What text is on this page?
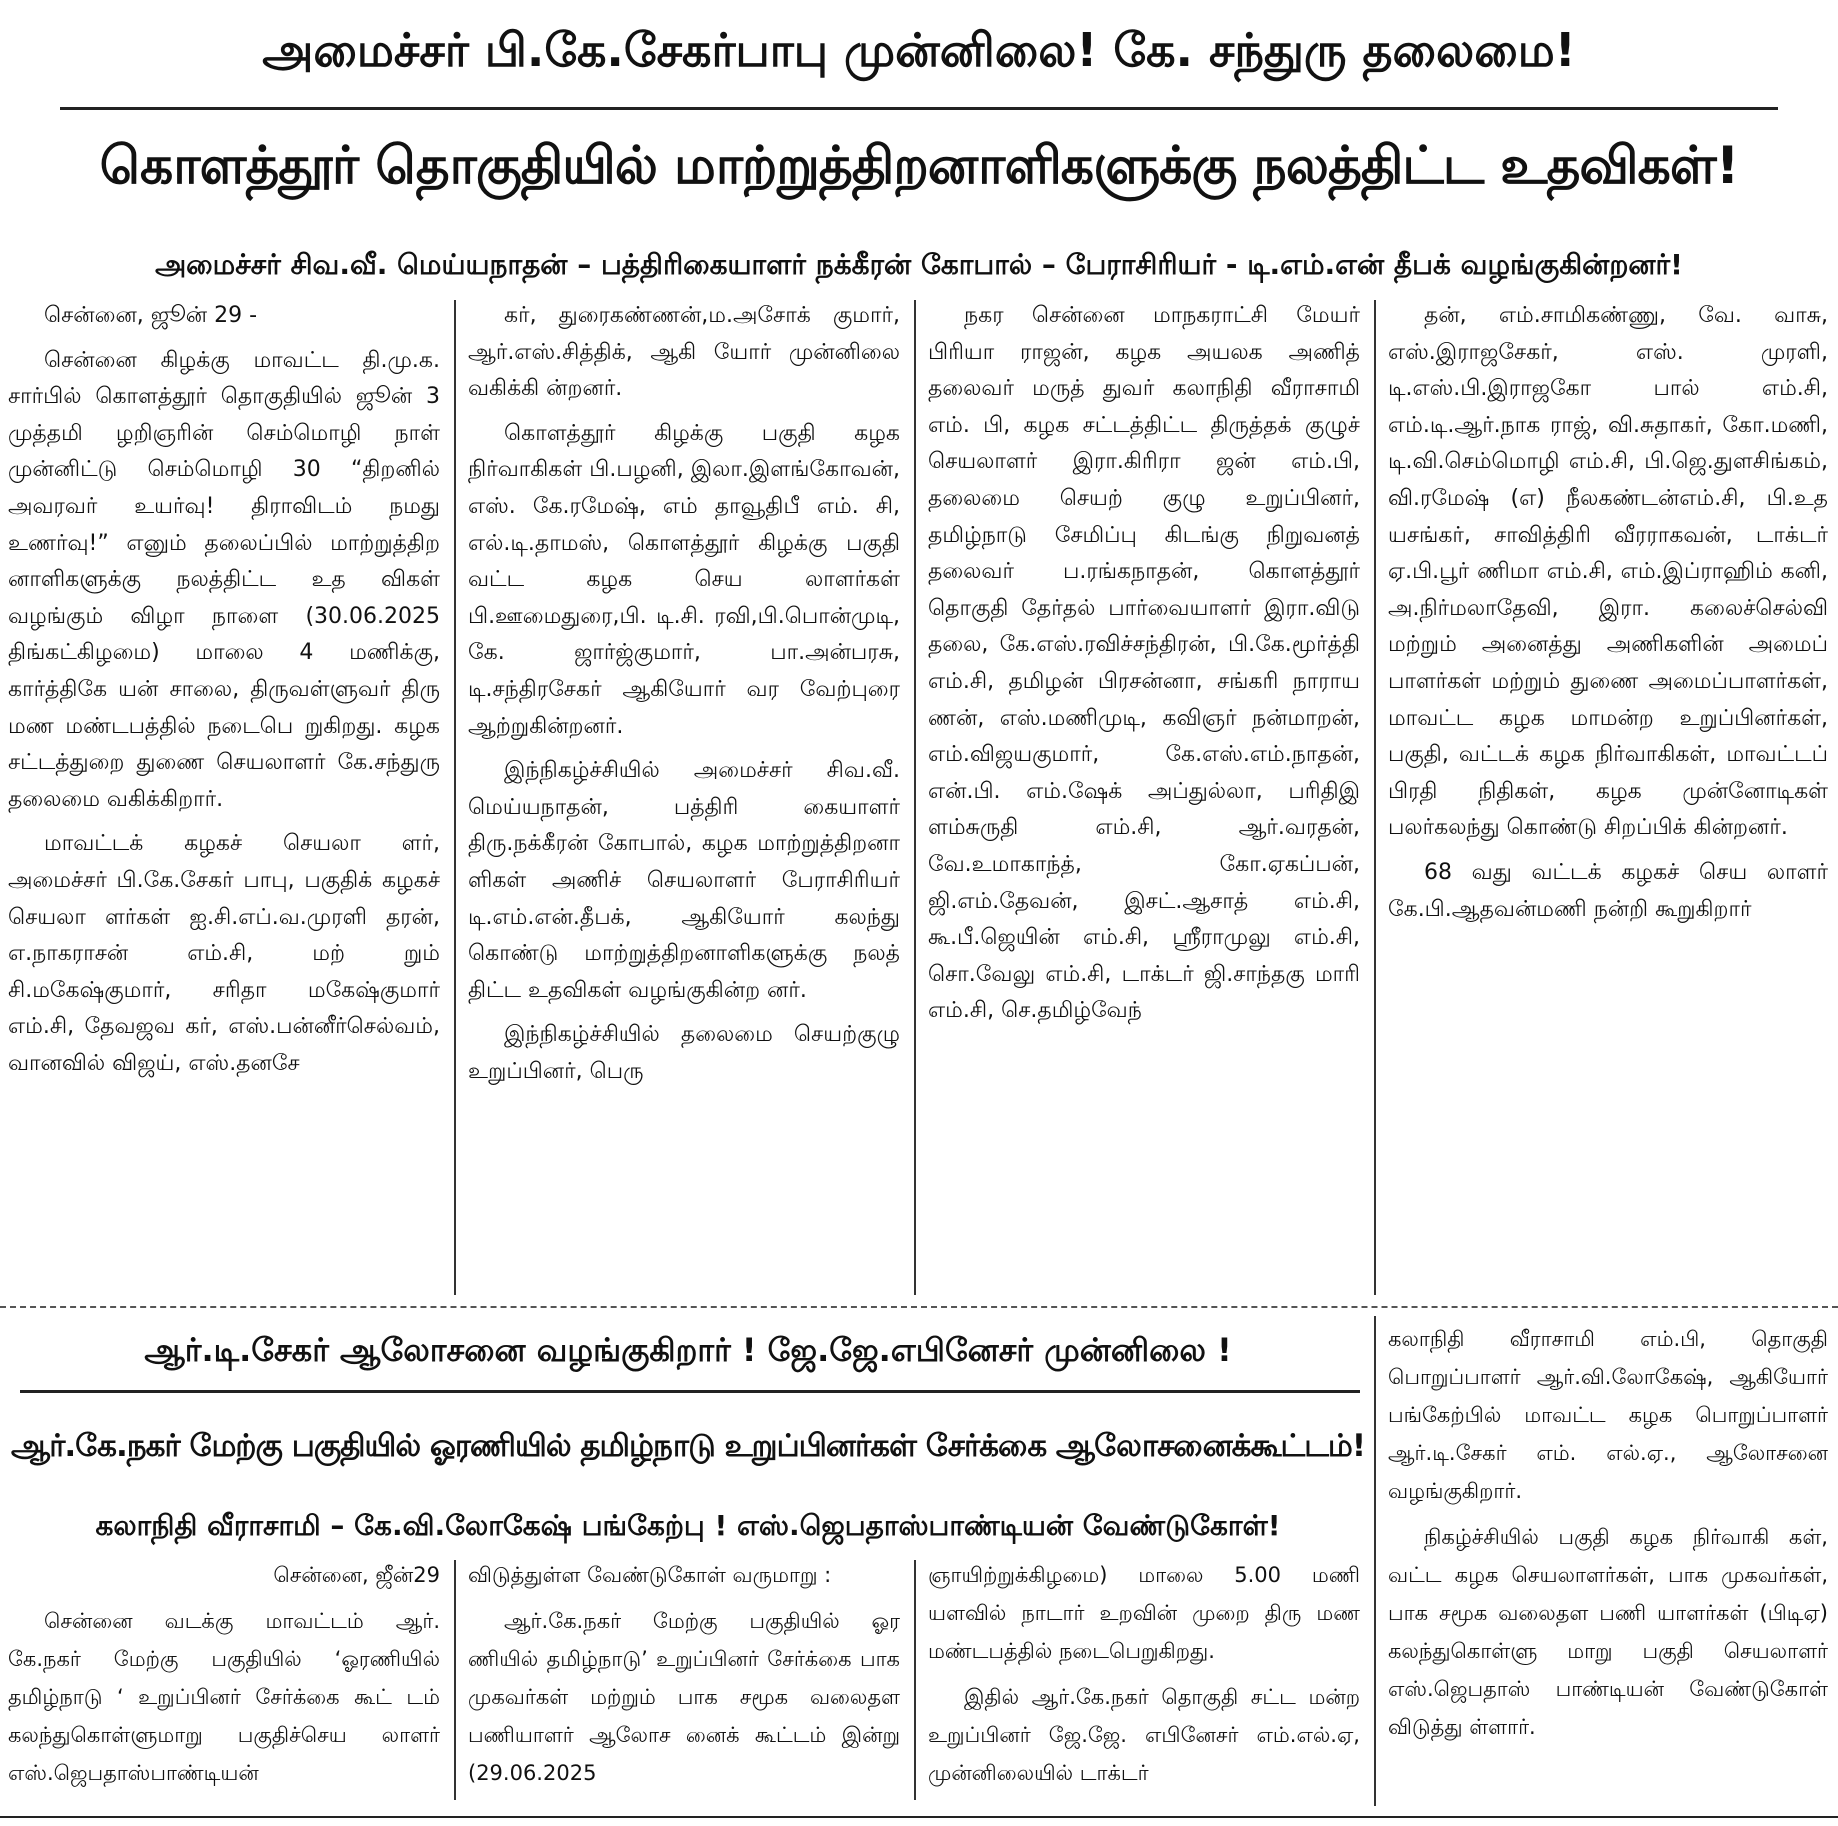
அமைச்சர் பி.கே.சேகர்பாபு முன்னிலை! கே. சந்துரு தலைமை!
கொளத்தூர் தொகுதியில் மாற்றுத்திறனாளிகளுக்கு நலத்திட்ட உதவிகள்!
அமைச்சர் சிவ.வீ. மெய்யநாதன் – பத்திரிகையாளர் நக்கீரன் கோபால் – பேராசிரியர் - டி.எம்.என் தீபக் வழங்குகின்றனர்!

சென்னை, ஜூன் 29 -

சென்னை கிழக்கு மாவட்ட தி.மு.க. சார்பில் கொளத்தூர் தொகுதியில் ஜூன் 3 முத்தமி ழறிஞரின் செம்மொழி நாள் முன்னிட்டு செம்மொழி 30 “திறனில் அவரவர் உயர்வு! திராவிடம் நமது உணர்வு!” எனும் தலைப்பில் மாற்றுத்திற னாளிகளுக்கு நலத்திட்ட உத விகள் வழங்கும் விழா நாளை (30.06.2025 திங்கட்கிழமை) மாலை 4 மணிக்கு, கார்த்திகே யன் சாலை, திருவள்ளுவர் திரு மண மண்டபத்தில் நடைபெ றுகிறது. கழக சட்டத்துறை துணை செயலாளர் கே.சந்துரு தலைமை வகிக்கிறார்.

மாவட்டக் கழகச் செயலா ளர், அமைச்சர் பி.கே.சேகர் பாபு, பகுதிக் கழகச் செயலா ளர்கள் ஐ.சி.எப்.வ.முரளி தரன், எ.நாகராசன் எம்.சி, மற் றும் சி.மகேஷ்குமார், சரிதா மகேஷ்குமார் எம்.சி, தேவஜவ கர், எஸ்.பன்னீர்செல்வம், வானவில் விஜய், எஸ்.தனசே

கர், துரைகண்ணன்,ம.அசோக் குமார், ஆர்.எஸ்.சித்திக், ஆகி யோர் முன்னிலை வகிக்கி ன்றனர்.

கொளத்தூர் கிழக்கு பகுதி கழக நிர்வாகிகள் பி.பழனி, இலா.இளங்கோவன், எஸ். கே.ரமேஷ், எம் தாவூதிபீ எம். சி, எல்.டி.தாமஸ், கொளத்தூர் கிழக்கு பகுதி வட்ட கழக செய லாளர்கள் பி.ஊமைதுரை,பி. டி.சி. ரவி,பி.பொன்முடி, கே. ஜார்ஜ்குமார், பா.அன்பரசு, டி.சந்திரசேகர் ஆகியோர் வர வேற்புரை ஆற்றுகின்றனர்.

இந்நிகழ்ச்சியில் அமைச்சர் சிவ.வீ. மெய்யநாதன், பத்திரி கையாளர் திரு.நக்கீரன் கோபால், கழக மாற்றுத்திறனா ளிகள் அணிச் செயலாளர் பேராசிரியர் டி.எம்.என்.தீபக், ஆகியோர் கலந்து கொண்டு மாற்றுத்திறனாளிகளுக்கு நலத் திட்ட உதவிகள் வழங்குகின்ற னர்.

இந்நிகழ்ச்சியில் தலைமை செயற்குழு உறுப்பினர், பெரு

நகர சென்னை மாநகராட்சி மேயர் பிரியா ராஜன், கழக அயலக அணித் தலைவர் மருத் துவர் கலாநிதி வீராசாமி எம். பி, கழக சட்டத்திட்ட திருத்தக் குழுச் செயலாளர் இரா.கிரிரா ஜன் எம்.பி, தலைமை செயற் குழு உறுப்பினர், தமிழ்நாடு சேமிப்பு கிடங்கு நிறுவனத் தலைவர் ப.ரங்கநாதன், கொளத்தூர் தொகுதி தேர்தல் பார்வையாளர் இரா.விடு தலை, கே.எஸ்.ரவிச்சந்திரன், பி.கே.மூர்த்தி எம்.சி, தமிழன் பிரசன்னா, சங்கரி நாராய ணன், எஸ்.மணிமுடி, கவிஞர் நன்மாறன், எம்.விஜயகுமார், கே.எஸ்.எம்.நாதன், என்.பி. எம்.ஷேக் அப்துல்லா, பரிதிஇ ளம்சுருதி எம்.சி, ஆர்.வரதன், வே.உமாகாந்த், கோ.ஏகப்பன், ஜி.எம்.தேவன், இசட்.ஆசாத் எம்.சி, கூ.பீ.ஜெயின் எம்.சி, ஸ்ரீராமுலு எம்.சி, சொ.வேலு எம்.சி, டாக்டர் ஜி.சாந்தகு மாரி எம்.சி, செ.தமிழ்வேந்

தன், எம்.சாமிகண்ணு, வே. வாசு, எஸ்.இராஜசேகர், எஸ். முரளி, டி.எஸ்.பி.இராஜகோ பால் எம்.சி, எம்.டி.ஆர்.நாக ராஜ், வி.சுதாகர், கோ.மணி, டி.வி.செம்மொழி எம்.சி, பி.ஜெ.துளசிங்கம், வி.ரமேஷ் (எ) நீலகண்டன்எம்.சி, பி.உத யசங்கர், சாவித்திரி வீரராகவன், டாக்டர் ஏ.பி.பூர் ணிமா எம்.சி, எம்.இப்ராஹிம் கனி, அ.நிர்மலாதேவி, இரா. கலைச்செல்வி மற்றும் அனைத்து அணிகளின் அமைப் பாளர்கள் மற்றும் துணை அமைப்பாளர்கள், மாவட்ட கழக மாமன்ற உறுப்பினர்கள், பகுதி, வட்டக் கழக நிர்வாகிகள், மாவட்டப் பிரதி நிதிகள், கழக முன்னோடிகள் பலர்கலந்து கொண்டு சிறப்பிக் கின்றனர்.

68 வது வட்டக் கழகச் செய லாளர் கே.பி.ஆதவன்மணி நன்றி கூறுகிறார்

ஆர்.டி.சேகர் ஆலோசனை வழங்குகிறார் ! ஜே.ஜே.எபினேசர் முன்னிலை !
ஆர்.கே.நகர் மேற்கு பகுதியில் ஓரணியில் தமிழ்நாடு உறுப்பினர்கள் சேர்க்கை ஆலோசனைக்கூட்டம்!
கலாநிதி வீராசாமி – கே.வி.லோகேஷ் பங்கேற்பு ! எஸ்.ஜெபதாஸ்பாண்டியன் வேண்டுகோள்!

சென்னை, ஜீன்29

சென்னை வடக்கு மாவட்டம் ஆர். கே.நகர் மேற்கு பகுதியில் ‘ஓரணியில் தமிழ்நாடு ‘ உறுப்பினர் சேர்க்கை கூட் டம் கலந்துகொள்ளுமாறு பகுதிச்செய லாளர் எஸ்.ஜெபதாஸ்பாண்டியன்

விடுத்துள்ள வேண்டுகோள் வருமாறு :

ஆர்.கே.நகர் மேற்கு பகுதியில் ஓர ணியில் தமிழ்நாடு’ உறுப்பினர் சேர்க்கை பாக முகவர்கள் மற்றும் பாக சமூக வலைதள பணியாளர் ஆலோச னைக் கூட்டம் இன்று (29.06.2025

ஞாயிற்றுக்கிழமை) மாலை 5.00 மணி யளவில் நாடார் உறவின் முறை திரு மண மண்டபத்தில் நடைபெறுகிறது.

இதில் ஆர்.கே.நகர் தொகுதி சட்ட மன்ற உறுப்பினர் ஜே.ஜே. எபினேசர் எம்.எல்.ஏ, முன்னிலையில் டாக்டர்

கலாநிதி வீராசாமி எம்.பி, தொகுதி பொறுப்பாளர் ஆர்.வி.லோகேஷ், ஆகியோர் பங்கேற்பில் மாவட்ட கழக பொறுப்பாளர் ஆர்.டி.சேகர் எம். எல்.ஏ., ஆலோசனை வழங்குகிறார்.

நிகழ்ச்சியில் பகுதி கழக நிர்வாகி கள், வட்ட கழக செயலாளர்கள், பாக முகவர்கள், பாக சமூக வலைதள பணி யாளர்கள் (பிடிஏ) கலந்துகொள்ளு மாறு பகுதி செயலாளர் எஸ்.ஜெபதாஸ் பாண்டியன் வேண்டுகோள் விடுத்து ள்ளார்.
